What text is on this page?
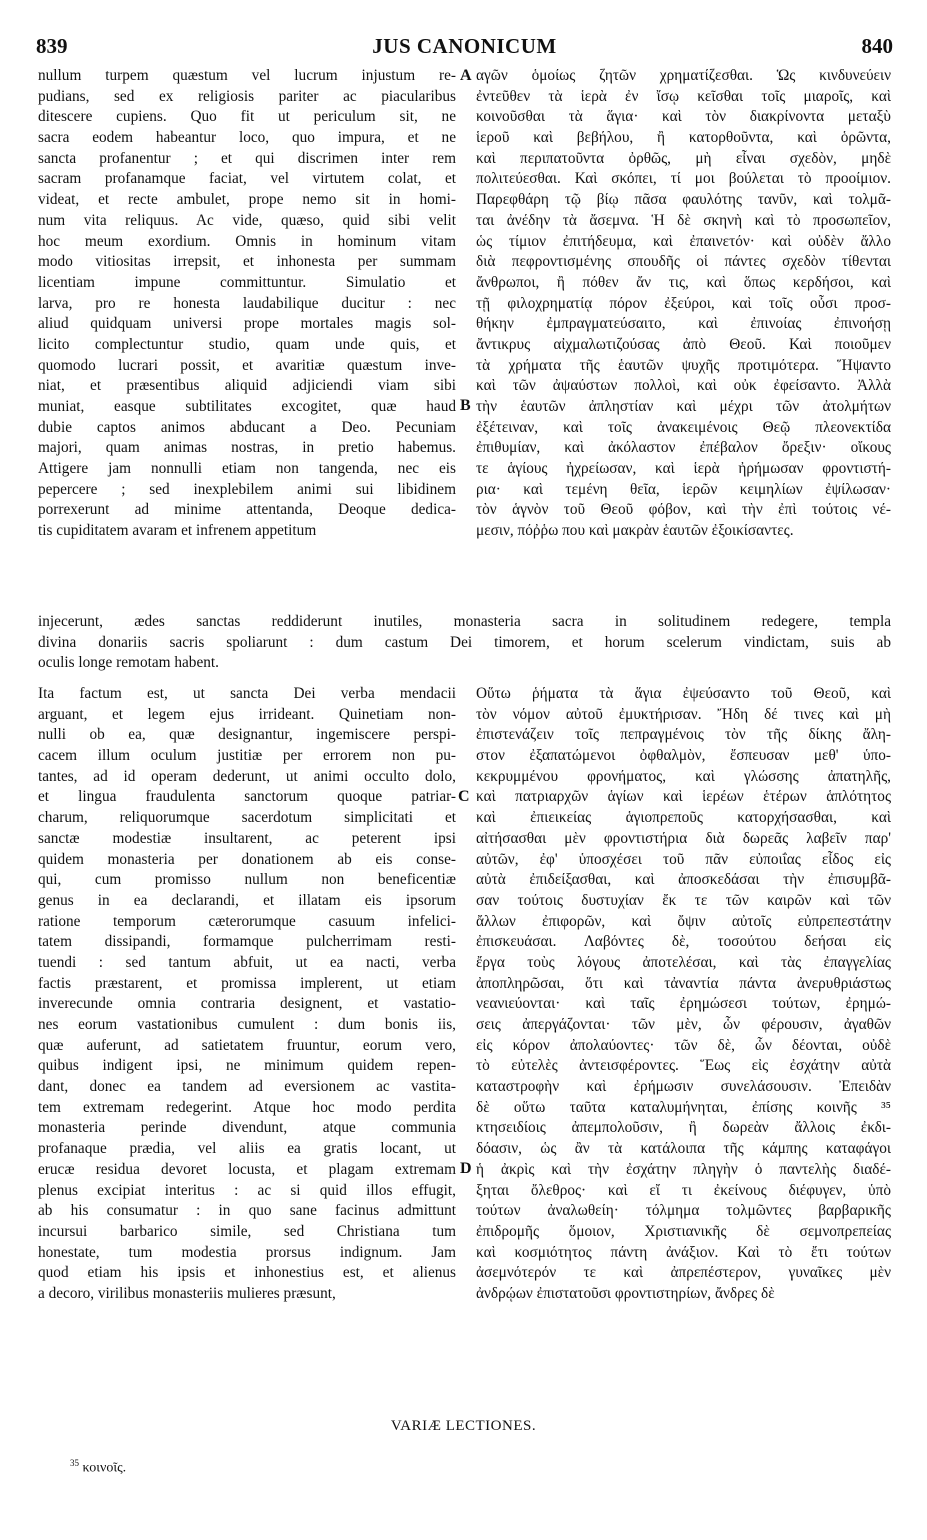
839	JUS CANONICUM	840
nullum turpem quæstum vel lucrum injustum re-
pudians, sed ex religiosis pariter ac piacularibus
ditescere cupiens. Quo fit ut periculum sit, ne
sacra eodem habeantur loco, quo impura, et ne
sancta profanentur ; et qui discrimen inter rem
sacram profanamque faciat, vel virtutem colat, et
videat, et recte ambulet, prope nemo sit in homi-
num vita reliquus. Ac vide, quæso, quid sibi velit
hoc meum exordium. Omnis in hominum vitam
modo vitiositas irrepsit, et inhonesta per summam
licentiam impune committuntur. Simulatio et
larva, pro re honesta laudabilique ducitur : nec
aliud quidquam universi prope mortales magis sol-
licito complectuntur studio, quam unde quis, et
quomodo lucrari possit, et avaritiæ quæstum inve-
niat, et præsentibus aliquid adjiciendi viam sibi
muniat, easque subtilitates excogitet, quæ haud
dubie captos animos abducant a Deo. Pecuniam
majori, quam animas nostras, in pretio habemus.
Attigere jam nonnulli etiam non tangenda, nec eis
pepercere ; sed inexplebilem animi sui libidinem
porrexerunt ad minime attentanda, Deoque dedica-
tis cupiditatem avaram et infrenem appetitum
αγῶν ὁμοίως ζητῶν χρηματίζεσθαι. Ὡς κινδυνεύειν
ἐντεῦθεν τὰ ἱερὰ ἐν ἴσῳ κεῖσθαι τοῖς μιαροῖς, καὶ
κοινοῦσθαι τὰ ἅγια· καὶ τὸν διακρίνοντα μεταξὺ
ἱεροῦ καὶ βεβήλου, ἢ κατορθοῦντα, καὶ ὁρῶντα,
καὶ περιπατοῦντα ὀρθῶς, μὴ εἶναι σχεδὸν, μηδὲ
πολιτεύεσθαι. Καὶ σκόπει, τί μοι βούλεται τὸ προοίμιον.
Παρεφθάρη τῷ βίῳ πᾶσα φαυλότης τανῦν, καὶ τολμᾶ-
ται ἀνέδην τὰ ἄσεμνα. Ἡ δὲ σκηνὴ καὶ τὸ προσωπεῖον,
ὡς τίμιον ἐπιτήδευμα, καὶ ἐπαινετόν· καὶ οὐδὲν ἄλλο
διὰ πεφροντισμένης σπουδῆς οἱ πάντες σχεδὸν τίθενται
ἄνθρωποι, ἢ πόθεν ἄν τις, καὶ ὅπως κερδήσοι, καὶ
τῇ φιλοχρηματίᾳ πόρον ἐξεύροι, καὶ τοῖς οὖσι προσ-
θήκην ἐμπραγματεύσαιτο, καὶ ἐπινοίας ἐπινοήσῃ
ἄντικρυς αἰχμαλωτιζούσας ἀπὸ Θεοῦ. Καὶ ποιοῦμεν
τὰ χρήματα τῆς ἑαυτῶν ψυχῆς προτιμότερα. Ἥψαντο
καὶ τῶν ἀψαύστων πολλοὶ, καὶ οὐκ ἐφείσαντο. Ἀλλὰ
τὴν ἑαυτῶν ἀπληστίαν καὶ μέχρι τῶν ἀτολμήτων
ἐξέτειναν, καὶ τοῖς ἀνακειμένοις Θεῷ πλεονεκτίδα
ἐπιθυμίαν, καὶ ἀκόλαστον ἐπέβαλον ὄρεξιν· οἴκους
τε ἁγίους ἠχρείωσαν, καὶ ἱερὰ ἠρήμωσαν φροντιστή-
ρια· καὶ τεμένη θεῖα, ἱερῶν κειμηλίων ἐψίλωσαν·
τὸν ἁγνὸν τοῦ Θεοῦ φόβον, καὶ τὴν ἐπὶ τούτοις νέ-
μεσιν, πόῤῥω που καὶ μακρὰν ἑαυτῶν ἐξοικίσαντες.
injecerunt, ædes sanctas reddiderunt inutiles, monasteria sacra in solitudinem redegere, templa
divina donariis sacris spoliarunt : dum castum Dei timorem, et horum scelerum vindictam, suis ab
oculis longe remotam habent.
Ita factum est, ut sancta Dei verba mendacii
arguant, et legem ejus irrideant. Quinetiam non-
nulli ob ea, quæ designantur, ingemiscere perspi-
cacem illum oculum justitiæ per errorem non pu-
tantes, ad id operam dederunt, ut animi occulto dolo,
et lingua fraudulenta sanctorum quoque patriar-
charum, reliquorumque sacerdotum simplicitati et
sanctæ modestiæ insultarent, ac peterent ipsi
quidem monasteria per donationem ab eis conse-
qui, cum promisso nullum non beneficentiæ
genus in ea declarandi, et illatam eis ipsorum
ratione temporum cæterorumque casuum infelici-
tatem dissipandi, formamque pulcherrimam resti-
tuendi : sed tantum abfuit, ut ea nacti, verba
factis præstarent, et promissa implerent, ut etiam
inverecunde omnia contraria designent, et vastatio-
nes eorum vastationibus cumulent : dum bonis iis,
quæ auferunt, ad satietatem fruuntur, eorum vero,
quibus indigent ipsi, ne minimum quidem repen-
dant, donec ea tandem ad eversionem ac vastita-
tem extremam redegerint. Atque hoc modo perdita
monasteria perinde divendunt, atque communia
profanaque prædia, vel aliis ea gratis locant, ut
erucæ residua devoret locusta, et plagam extremam
plenus excipiat interitus : ac si quid illos effugit,
ab his consumatur : in quo sane facinus admittunt
incursui barbarico simile, sed Christiana tum
honestate, tum modestia prorsus indignum. Jam
quod etiam his ipsis et inhonestius est, et alienus
a decoro, virilibus monasteriis mulieres præsunt,
Οὕτω ῥήματα τὰ ἅγια ἐψεύσαντο τοῦ Θεοῦ, καὶ
τὸν νόμον αὐτοῦ ἐμυκτήρισαν. Ἤδη δέ τινες καὶ μὴ
ἐπιστενάζειν τοῖς πεπραγμένοις τὸν τῆς δίκης ἄλη-
στον ἐξαπατώμενοι ὀφθαλμὸν, ἔσπευσαν μεθ' ὑπο-
κεκρυμμένου φρονήματος, καὶ γλώσσης ἀπατηλῆς,
καὶ πατριαρχῶν ἁγίων καὶ ἱερέων ἑτέρων ἁπλότητος
καὶ ἐπιεικείας ἁγιοπρεποῦς κατορχήσασθαι, καὶ
αἰτήσασθαι μὲν φροντιστήρια διὰ δωρεᾶς λαβεῖν παρ'
αὐτῶν, ἐφ' ὑποσχέσει τοῦ πᾶν εὐποιΐας εἶδος εἰς
αὐτὰ ἐπιδείξασθαι, καὶ ἀποσκεδάσαι τὴν ἐπισυμβᾶ-
σαν τούτοις δυστυχίαν ἔκ τε τῶν καιρῶν καὶ τῶν
ἄλλων ἐπιφορῶν, καὶ ὄψιν αὐτοῖς εὐπρεπεστάτην
ἐπισκευάσαι. Λαβόντες δὲ, τοσούτου δεήσαι εἰς
ἔργα τοὺς λόγους ἀποτελέσαι, καὶ τὰς ἐπαγγελίας
ἀποπληρῶσαι, ὅτι καὶ τἀναντία πάντα ἀνερυθριάστως
νεανιεύονται· καὶ ταῖς ἐρημώσεσι τούτων, ἐρημώ-
σεις ἀπεργάζονται· τῶν μὲν, ὧν φέρουσιν, ἀγαθῶν
εἰς κόρον ἀπολαύοντες· τῶν δὲ, ὧν δέονται, οὐδὲ
τὸ εὐτελὲς ἀντεισφέροντες. Ἕως εἰς ἐσχάτην αὐτὰ
καταστροφὴν καὶ ἐρήμωσιν συνελάσουσιν. Ἐπειδὰν
δὲ οὕτω ταῦτα καταλυμήνηται, ἐπίσης κοινῆς ³⁵
κτησειδίοις ἀπεμπολοῦσιν, ἢ δωρεὰν ἄλλοις ἐκδι-
δόασιν, ὡς ἂν τὰ κατάλοιπα τῆς κάμπης καταφάγοι
ἡ ἀκρὶς καὶ τὴν ἐσχάτην πληγὴν ὁ παντελὴς διαδέ-
ξηται ὄλεθρος· καὶ εἴ τι ἐκείνους διέφυγεν, ὑπὸ
τούτων ἀναλωθείη· τόλμημα τολμῶντες βαρβαρικῆς
ἐπιδρομῆς ὅμοιον, Χριστιανικῆς δὲ σεμνοπρεπείας
καὶ κοσμιότητος πάντη ἀνάξιον. Καὶ τὸ ἔτι τούτων
ἀσεμνότερόν τε καὶ ἀπρεπέστερον, γυναῖκες μὲν
ἀνδρῴων ἐπιστατοῦσι φροντιστηρίων, ἄνδρες δὲ
A
B
C
D
VARIÆ LECTIONES.
$^{35}$ κοινοῖς.
